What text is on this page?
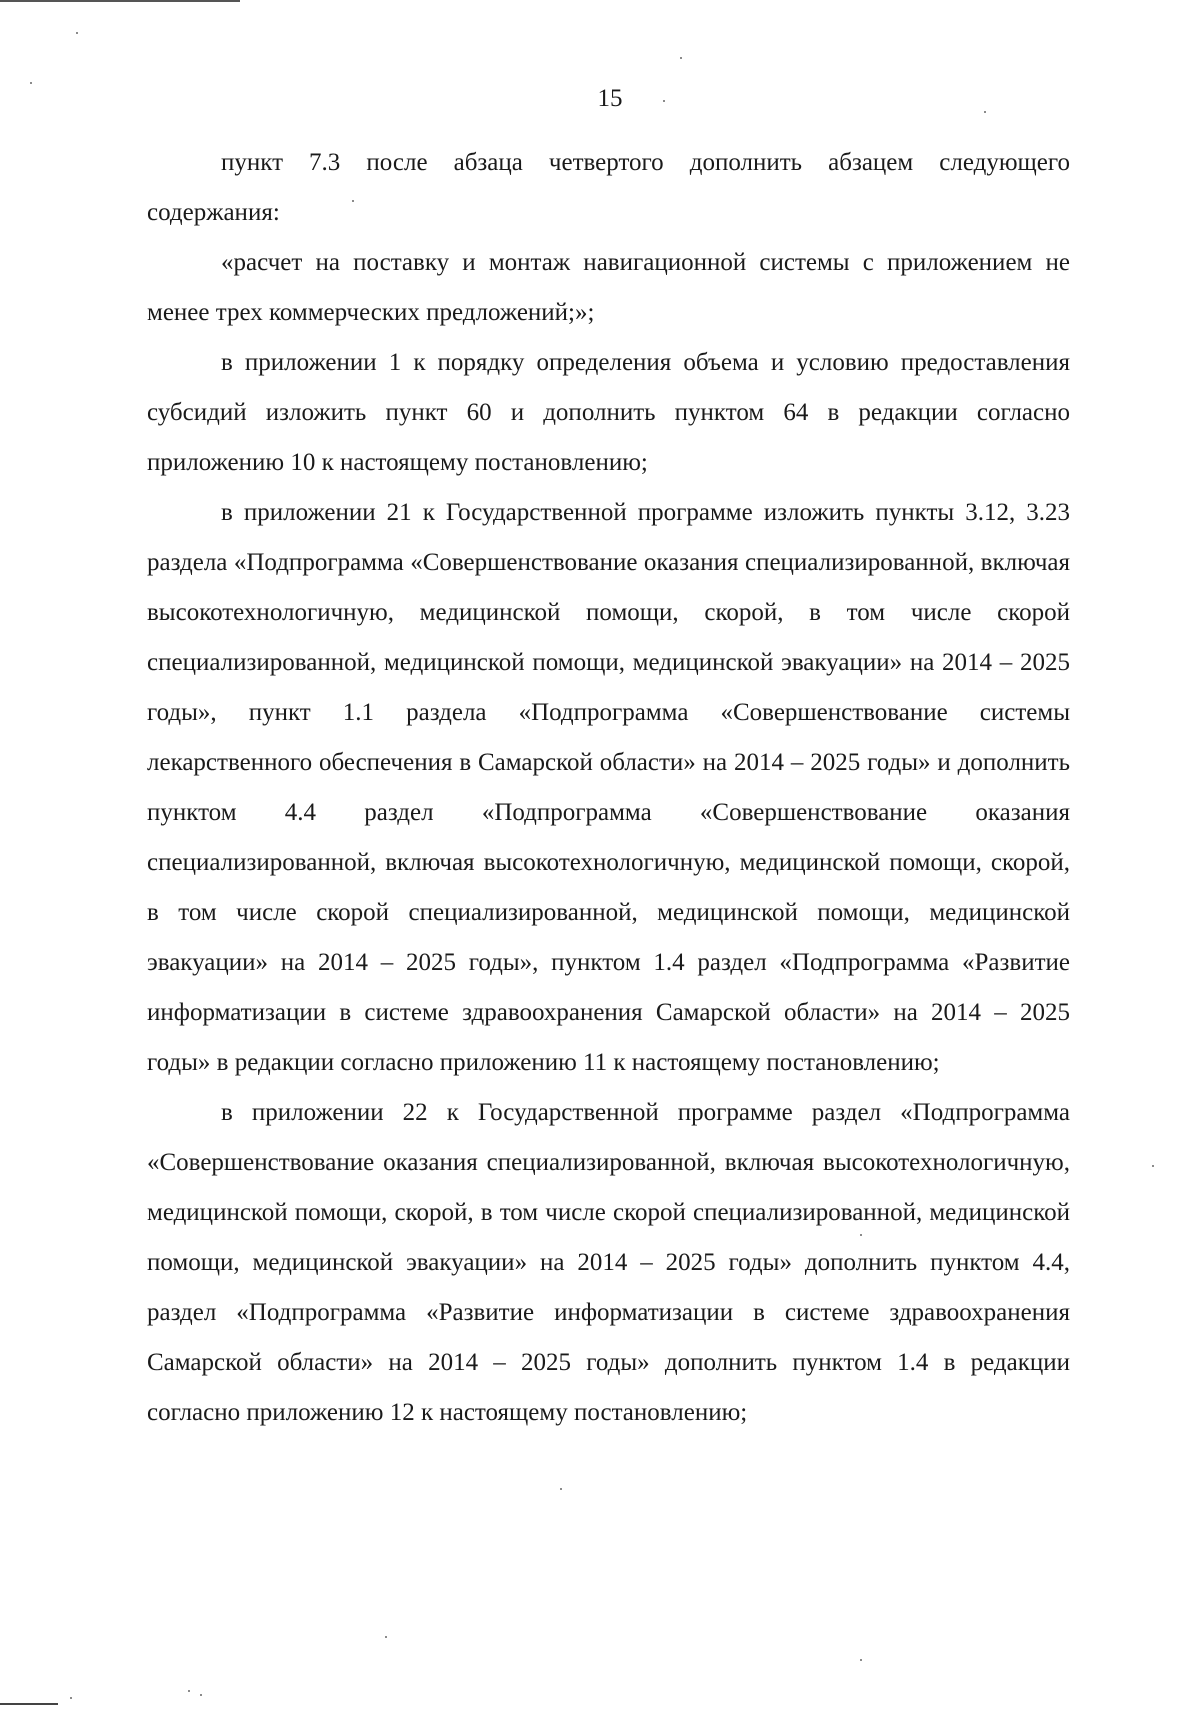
15

пункт 7.3 после абзаца четвертого дополнить абзацем следующего содержания:

«расчет на поставку и монтаж навигационной системы с приложением не менее трех коммерческих предложений;»;

в приложении 1 к порядку определения объема и условию предоставления субсидий изложить пункт 60 и дополнить пунктом 64 в редакции согласно приложению 10 к настоящему постановлению;

в приложении 21 к Государственной программе изложить пункты 3.12, 3.23 раздела «Подпрограмма «Совершенствование оказания специализированной, включая высокотехнологичную, медицинской помощи, скорой, в том числе скорой специализированной, медицинской помощи, медицинской эвакуации» на 2014 – 2025 годы», пункт 1.1 раздела «Подпрограмма «Совершенствование системы лекарственного обеспечения в Самарской области» на 2014 – 2025 годы» и дополнить пунктом 4.4 раздел «Подпрограмма «Совершенствование оказания специализированной, включая высокотехнологичную, медицинской помощи, скорой, в том числе скорой специализированной, медицинской помощи, медицинской эвакуации» на 2014 – 2025 годы», пунктом 1.4 раздел «Подпрограмма «Развитие информатизации в системе здравоохранения Самарской области» на 2014 – 2025 годы» в редакции согласно приложению 11 к настоящему постановлению;

в приложении 22 к Государственной программе раздел «Подпрограмма «Совершенствование оказания специализированной, включая высокотехнологичную, медицинской помощи, скорой, в том числе скорой специализированной, медицинской помощи, медицинской эвакуации» на 2014 – 2025 годы» дополнить пунктом 4.4, раздел «Подпрограмма «Развитие информатизации в системе здравоохранения Самарской области» на 2014 – 2025 годы» дополнить пунктом 1.4 в редакции согласно приложению 12 к настоящему постановлению;
